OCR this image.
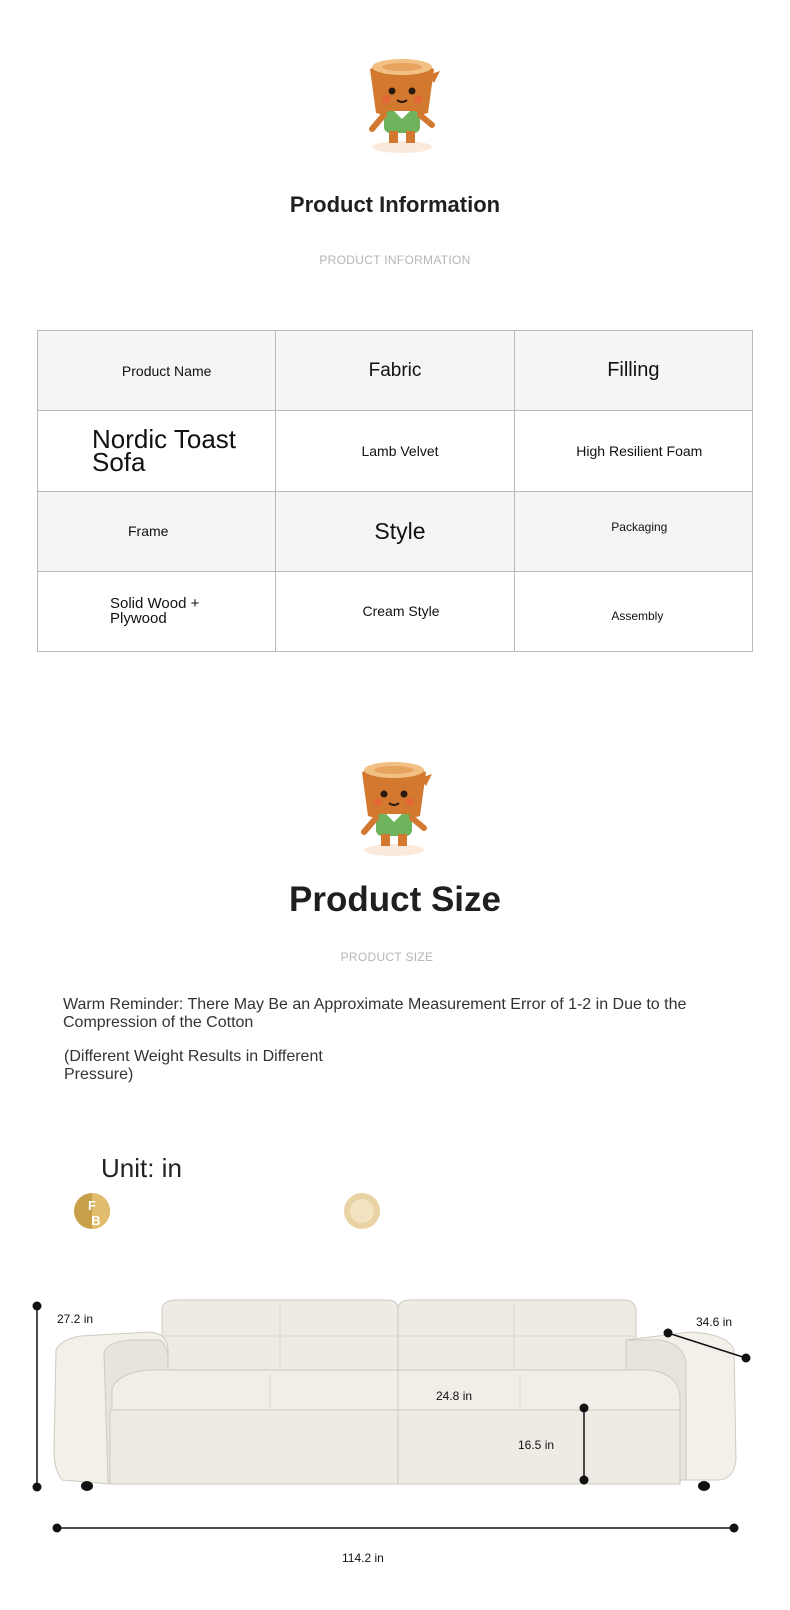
Product Information
PRODUCT INFORMATION
Product Name	Fabric	Filling

Nordic Toast Sofa	Lamb Velvet	High Resilient Foam

Frame	Style	Packaging

Solid Wood + Plywood	Cream Style	Assembly
Product Size
PRODUCT SIZE
Warm Reminder: There May Be an Approximate Measurement Error of 1-2 in Due to the Compression of the Cotton
(Different Weight Results in Different Pressure)
Unit: in
F
B
27.2 in	34.6 in
24.8 in
16.5 in
114.2 in
